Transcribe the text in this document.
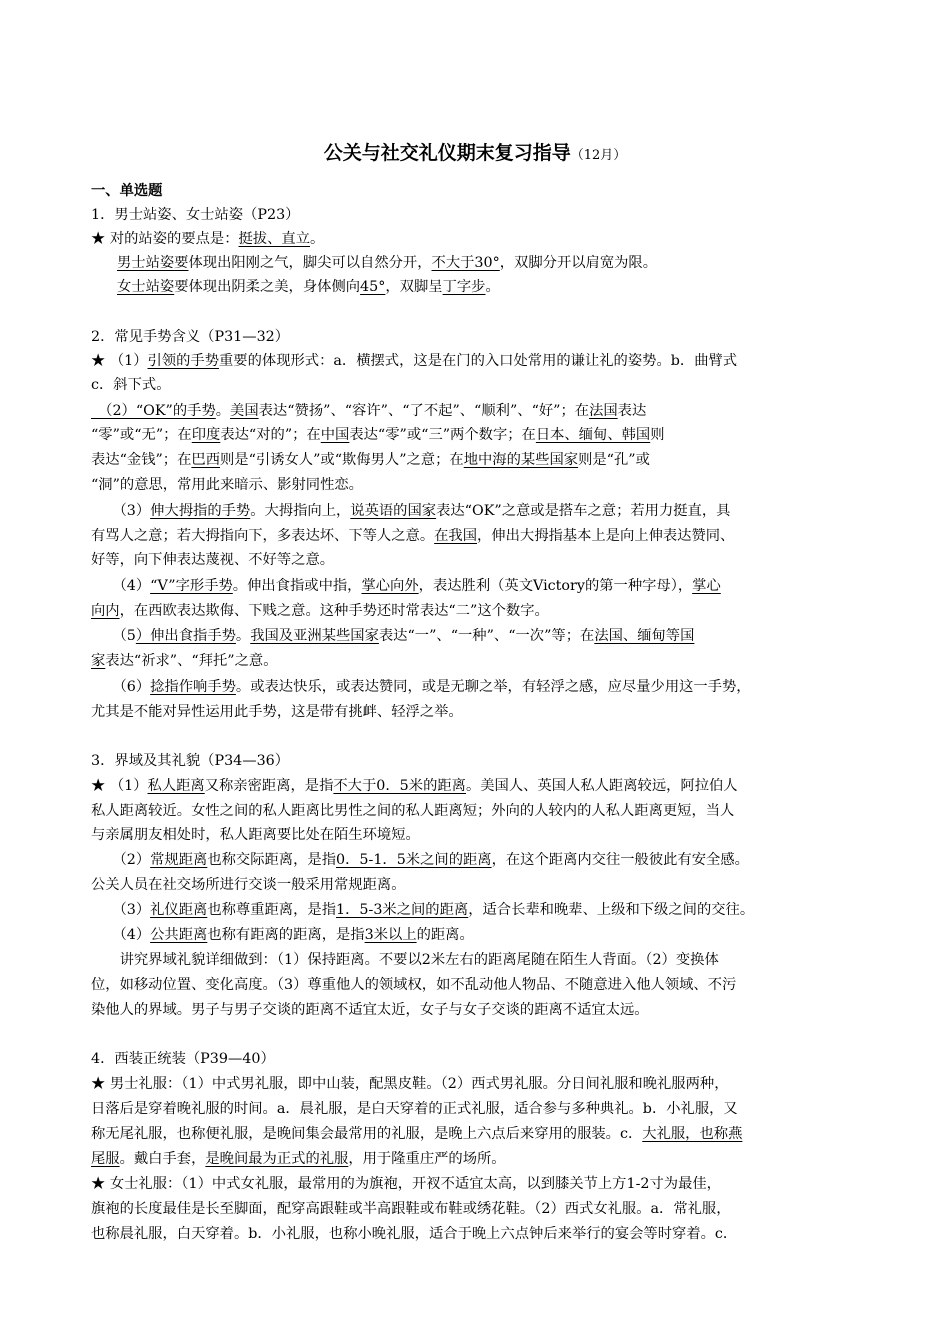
公关与社交礼仪期末复习指导（12月）
一、单选题
1．男士站姿、女士站姿（P23）
★ 对的站姿的要点是：挺拔、直立。
男士站姿要体现出阳刚之气，脚尖可以自然分开，不大于30°，双脚分开以肩宽为限。
女士站姿要体现出阴柔之美，身体侧向45°，双脚呈丁字步。
2．常见手势含义（P31—32）
★ （1）引领的手势重要的体现形式：a．横摆式，这是在门的入口处常用的谦让礼的姿势。b．曲臂式
c．斜下式。
　（2）“OK”的手势。美国表达“赞扬”、“容许”、“了不起”、“顺利”、“好”；在法国表达
“零”或“无”；在印度表达“对的”；在中国表达“零”或“三”两个数字；在日本、缅甸、韩国则
表达“金钱”；在巴西则是“引诱女人”或“欺侮男人”之意；在地中海的某些国家则是“孔”或
“洞”的意思，常用此来暗示、影射同性恋。
　　（3）伸大拇指的手势。大拇指向上，说英语的国家表达“OK”之意或是搭车之意；若用力挺直，具
有骂人之意；若大拇指向下，多表达坏、下等人之意。在我国，伸出大拇指基本上是向上伸表达赞同、
好等，向下伸表达蔑视、不好等之意。
　　（4）“V”字形手势。伸出食指或中指，掌心向外，表达胜利（英文Victory的第一种字母），掌心
向内，在西欧表达欺侮、下贱之意。这种手势还时常表达“二”这个数字。
　　（5）伸出食指手势。我国及亚洲某些国家表达“一”、“一种”、“一次”等；在法国、缅甸等国
家表达“祈求”、“拜托”之意。
　　（6）捻指作响手势。或表达快乐，或表达赞同，或是无聊之举，有轻浮之感，应尽量少用这一手势，
尤其是不能对异性运用此手势，这是带有挑衅、轻浮之举。
3．界域及其礼貌（P34—36）
★ （1）私人距离又称亲密距离，是指不大于0．5米的距离。美国人、英国人私人距离较远，阿拉伯人
私人距离较近。女性之间的私人距离比男性之间的私人距离短；外向的人较内的人私人距离更短，当人
与亲属朋友相处时，私人距离要比处在陌生环境短。
　　（2）常规距离也称交际距离，是指0．5-1．5米之间的距离，在这个距离内交往一般彼此有安全感。
公关人员在社交场所进行交谈一般采用常规距离。
　　（3）礼仪距离也称尊重距离，是指1．5-3米之间的距离，适合长辈和晚辈、上级和下级之间的交往。
　　（4）公共距离也称有距离的距离，是指3米以上的距离。
　　讲究界域礼貌详细做到：（1）保持距离。不要以2米左右的距离尾随在陌生人背面。（2）变换体
位，如移动位置、变化高度。（3）尊重他人的领域权，如不乱动他人物品、不随意进入他人领域、不污
染他人的界域。男子与男子交谈的距离不适宜太近，女子与女子交谈的距离不适宜太远。
4．西装正统装（P39—40）
★ 男士礼服：（1）中式男礼服，即中山装，配黑皮鞋。（2）西式男礼服。分日间礼服和晚礼服两种，
日落后是穿着晚礼服的时间。a．晨礼服，是白天穿着的正式礼服，适合参与多种典礼。b．小礼服，又
称无尾礼服，也称便礼服，是晚间集会最常用的礼服，是晚上六点后来穿用的服装。c．大礼服，也称燕
尾服。戴白手套，是晚间最为正式的礼服，用于隆重庄严的场所。
★ 女士礼服：（1）中式女礼服，最常用的为旗袍，开衩不适宜太高，以到膝关节上方1-2寸为最佳，
旗袍的长度最佳是长至脚面，配穿高跟鞋或半高跟鞋或布鞋或绣花鞋。（2）西式女礼服。a．常礼服，
也称晨礼服，白天穿着。b．小礼服，也称小晚礼服，适合于晚上六点钟后来举行的宴会等时穿着。c．
